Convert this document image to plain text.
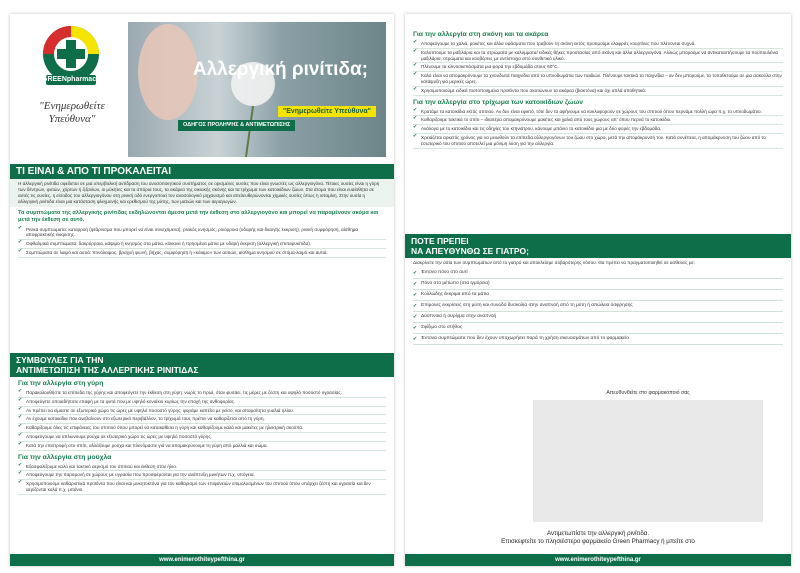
GREENpharmacy
"Ενημερωθείτε Υπεύθυνα"
Αλλεργική ρινίτιδα;
"Ενημερωθείτε Υπεύθυνα"
ΟΔΗΓΟΣ ΠΡΟΛΗΨΗΣ & ΑΝΤΙΜΕΤΩΠΙΣΗΣ
ΤΙ ΕΙΝΑΙ & ΑΠΟ ΤΙ ΠΡΟΚΑΛΕΙΤΑΙ
Η αλλεργική ρινίτιδα οφείλεται σε μια υπερβολική αντίδραση του ανοσοποιητικού συστήματος σε ορισμένες ουσίες που είναι γνωστές ως αλλεργιογόνα. Τέτοιες ουσίες είναι η γύρη των δέντρων, φυτών, χόρτων ή ζιζανίων, οι μύκητες και τα σπόρια τους, τα ακάρεα της οικιακής σκόνης και τα τρίχωμα των κατοικίδιων ζώων. Στα άτομα που είναι ευαίσθητα σε αυτές τις ουσίες, η είσοδος του αλλεργιογόνου στη ρινική οδό ενεργοποιεί τον ανοσολογικό μηχανισμό και απελευθερώνονται χημικές ουσίες όπως η ισταμίνη. Στην ουσία η αλλεργική ρινίτιδα είναι μια κατάσταση φλεγμονής και ερεθισμού της μύτης, των ματιών και των αεραγωγών.
Τα συμπτώματα της αλλεργικής ρινίτιδας εκδηλώνονται άμεσα μετά την έκθεση στο αλλεργιογόνο και μπορεί να παραμένουν ακόμα και μετά την έκθεση σε αυτό.
✔ Ρινικά συμπτώματα: καταρροή (φτάρνισμα που μπορεί να είναι συνεχόμενα), ρινικός κνησμός, ρινόρροια (υδαρής και διαυγής έκκριση), ρινική συμφόρηση, αίσθημα αποφρακτικής έκκρισης.
✔ Οφθαλμικά συμπτώματα: δακρύρροια, κάψιμο ή κνησμός στα μάτια, κόκκινα ή πρησμένα μάτια με υδαρή έκκριση (αλλεργική επιπεφυκίτιδα).
✔ Συμπτώματα σε λαιμό και αυτιά: πονόλαιμος, βραχνή φωνή, βήχας, συμφόρηση ή «κάιαμο» των αυτιών, αίσθημα κνησμού σε στόμα-λαιμό και αυτιά.
ΣΥΜΒΟΥΛΕΣ ΓΙΑ ΤΗΝ
ΑΝΤΙΜΕΤΩΠΙΣΗ ΤΗΣ ΑΛΛΕΡΓΙΚΗΣ ΡΙΝΙΤΙΔΑΣ
Για την αλλεργία στη γύρη
✔ Παρακολουθήστε τα επίπεδα της γύρης και αποφεύγετε την έκθεση στη γύρη: νωρίς το πρωί, όταν φυσάει, τις μέρες με ζέστη και υψηλό ποσοστό υγρασίας.
✔ Αποφεύγετε οποιαδήποτε επαφή με τα φυτά που με υψηλό κονιάκιο κυρίως την εποχή της ανθοφορίας.
✔ Αν πρέπει να είμαστε σε εξωτερικό χώρο τις ώρες με υψηλό ποσοστό γύρης, φοράμε καπέλο με γείσο, και απαραίτητα γυαλιά ηλίου.
✔ Αν έχουμε κατοικίδια που ανεβαίνουν στο εξωτερικό περιβάλλον, το τρίχωμά τους πρέπει να καθαρίζεται από τη γύρη.
✔ Καθαρίζουμε όλες τις επιφάνειες του σπιτιού όπου μπορεί να κατακαθίσει η γύρη και καθαρίζουμε καλά και μακέτες με ηλεκτρική σκούπα.
✔ Αποφεύγουμε να απλώνουμε ρούχα σε εξωτερικό χώρο τις ώρες με υψηλό ποσοστό γύρης.
✔ Κατά την επιστροφή στο σπίτι, αλλάζουμε ρούχα και πλενόμαστε για να απομακρύνουμε τη γύρη από μαλλιά και σώμα.
Για την αλλεργία στη μούχλα
✔ Εξασφαλίζουμε καλό και τακτικό αερισμό του σπιτιού και έκθεση στον ήλιο.
✔ Αποφεύγουμε την παραμονή σε χώρους με υγρασία που προσφέρονται για την ανάπτυξη μυκήτων π.χ. υπόγεια.
✔ Χρησιμοποιούμε καθαριστικά προϊόντα που είναι και μυκητοκτόνα για τον καθαρισμό των επιφανειών επιμολυσμένων του σπιτιού όπου υπάρχει ζέστη και υγρασία και δεν αερίζονται καλά π.χ. μπάνιο.
www.enimerothiteypefthina.gr
Για την αλλεργία στη σκόνη και τα ακάρεα
✔ Αποφεύγουμε τα χαλιά, μοκέτες και άλλα υφάσματα που τραβούν τη σκόνη εκτός προτιμούμε ελαφριές κουρτίνες που πλένονται συχνά.
✔ Καλύπτουμε τα μαξιλάρια και τα στρώματα με καλύμματα/ ειδικές θήκες προστασίας από σκόνη και άλλα αλλεργιογόνα. Αλλιώς μπορούμε να αντικαταστήσουμε τα πουπουλένια μαξιλάρια, στρώματα και κουβέρτες με αντίστοιχα από συνθετικό υλικό.
✔ Πλένουμε τα κλινοσκεπάσματα μια φορά την εβδομάδα στους 60°C.
✔ Καλό είναι να απομακρύνουμε τα χνουδωτά παιχνίδια από τα υπνοδωμάτια των παιδιών. Πλένουμε τακτικά τα παιχνίδια – αν δεν μπορούμε, τα τοποθετούμε σε μια σακούλα στην κατάψυξη για μερικές ώρες.
✔ Χρησιμοποιούμε ειδικά πιστοποιημένα προϊόντα που σκοτώνουν τα ακάρεα (βιοκτόνα) και όχι απλά αποθητικά.
Για την αλλεργία στο τρίχωμα των κατοικίδιων ζώων
✔ Κρατάμε τα κατοικίδια εκτός σπιτιού. Αν δεν είναι εφικτό, τότε δεν τα αφήνουμε να κυκλοφορούν σε χώρους του σπιτιού όπου περνάμε πολλή ώρα π.χ. το υπνοδωμάτιο.
✔ Καθαρίζουμε τακτικά το σπίτι – ιδιαιτέρα απομακρύνουμε μακέτες και χαλιά από τους χώρους απ' όπου περνά το κατοικίδιο.
✔ Ανάλογα με το κατοικίδιο και τις οδηγίες του κτηνιάτρου, κάνουμε μπάνιο το κατοικίδιο μια με δύο φορές την εβδομάδα.
✔ Χρειάζεται αρκετός χρόνος για να μειωθούν τα επίπεδα αλλεργιογόνων του ζώου στο χώρο, μετά την απομάκρυνσή του. Κατά συνέπεια, η απομάκρυνση του ζώου από το εσωτερικό του σπιτιού αποτελεί μια μόνιμη λύση για την αλλεργία.
ΠΟΤΕ ΠΡΕΠΕΙ
ΝΑ ΑΠΕΥΘΥΝΘΩ ΣΕ ΓΙΑΤΡΟ;
Διακρίνετε την αιτία των συμπτωμάτων από το γιατρό και αποκλείσμε σοβαρότερης νόσου. Θα πρέπει να πραγματοποιηθεί σε ασθενείς με:
✔ Έντονο πόνο στο αυτί
✔ Πόνο στο μέτωπο (στα ιγμόρεια)
✔ Κολλώδης έκκριμα από τα μάτια
✔ Επίμονες εκκρίσεις στη μύτη και συνοδό δυσκολία στην αναπνοή από τη μύτη ή απώλεια όσφρησης
✔ Δύσπνοια ή συρίγμα στην αναπνοή
✔ Σφίξιμο στο στήθος
✔ Έντονα συμπτώματα που δεν έχουν υποχωρήσει παρά τη χρήση σκευασμάτων από το φαρμακείο
Απευθυνθείτε στο φαρμακοποιό σας
Αντιμετωπίστε την αλλεργική ρινίτιδα.
Επισκεφτείτε το πλησιέστερο φαρμακείο Green Pharmacy ή μπείτε στο
www.enimerothiteypefthina.gr
